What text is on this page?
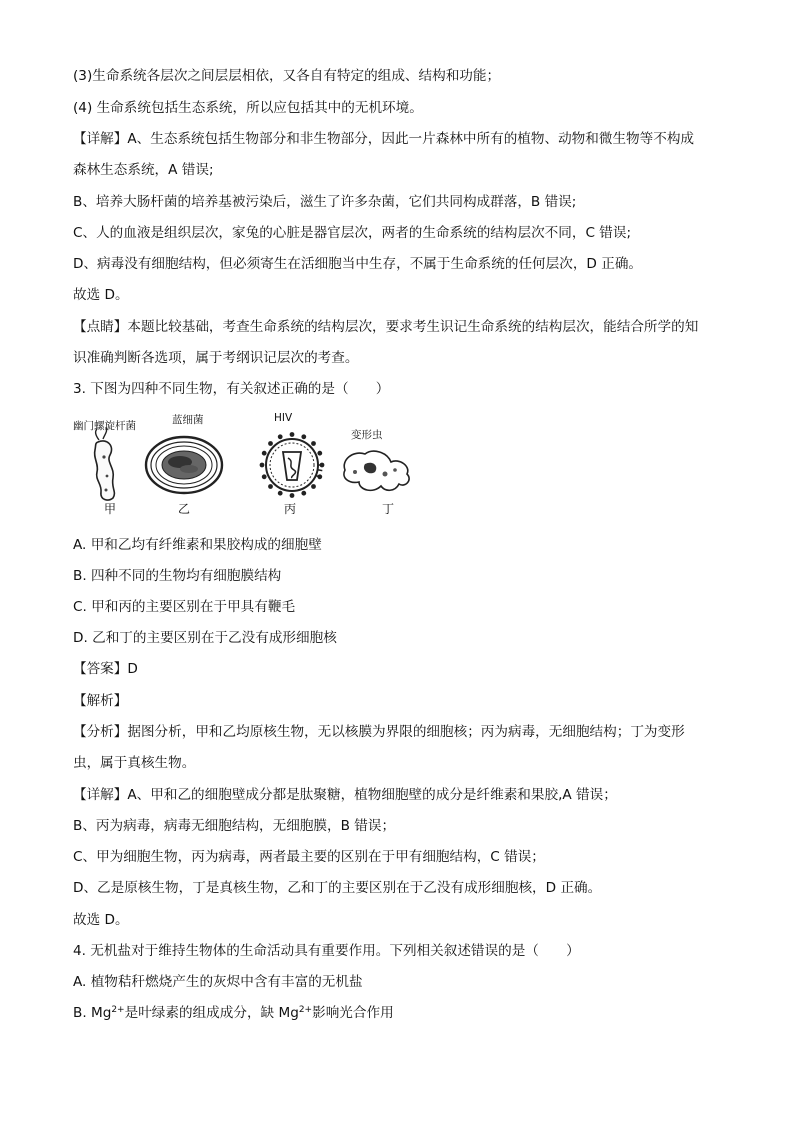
(3)生命系统各层次之间层层相依，又各自有特定的组成、结构和功能；
(4) 生命系统包括生态系统，所以应包括其中的无机环境。
【详解】A、生态系统包括生物部分和非生物部分，因此一片森林中所有的植物、动物和微生物等不构成
森林生态系统，A 错误;
B、培养大肠杆菌的培养基被污染后，滋生了许多杂菌，它们共同构成群落，B 错误;
C、人的血液是组织层次，家兔的心脏是器官层次，两者的生命系统的结构层次不同，C 错误;
D、病毒没有细胞结构，但必须寄生在活细胞当中生存，不属于生命系统的任何层次，D 正确。
故选 D。
【点睛】本题比较基础，考查生命系统的结构层次，要求考生识记生命系统的结构层次，能结合所学的知
识准确判断各选项，属于考纲识记层次的考查。
3. 下图为四种不同生物，有关叙述正确的是（　　）
幽门螺旋杆菌	蓝细菌	HIV
变形虫
甲	乙	丙	丁
A. 甲和乙均有纤维素和果胶构成的细胞壁
B. 四种不同的生物均有细胞膜结构
C. 甲和丙的主要区别在于甲具有鞭毛
D. 乙和丁的主要区别在于乙没有成形细胞核
【答案】D
【解析】
【分析】据图分析，甲和乙均原核生物，无以核膜为界限的细胞核；丙为病毒，无细胞结构；丁为变形
虫，属于真核生物。
【详解】A、甲和乙的细胞壁成分都是肽聚糖，植物细胞壁的成分是纤维素和果胶,A 错误；
B、丙为病毒，病毒无细胞结构，无细胞膜，B 错误；
C、甲为细胞生物，丙为病毒，两者最主要的区别在于甲有细胞结构，C 错误；
D、乙是原核生物，丁是真核生物，乙和丁的主要区别在于乙没有成形细胞核，D 正确。
故选 D。
4. 无机盐对于维持生物体的生命活动具有重要作用。下列相关叙述错误的是（　　）
A. 植物秸秆燃烧产生的灰烬中含有丰富的无机盐
B. $Mg^{2+}$是叶绿素的组成成分，缺 $Mg^{2+}$影响光合作用
